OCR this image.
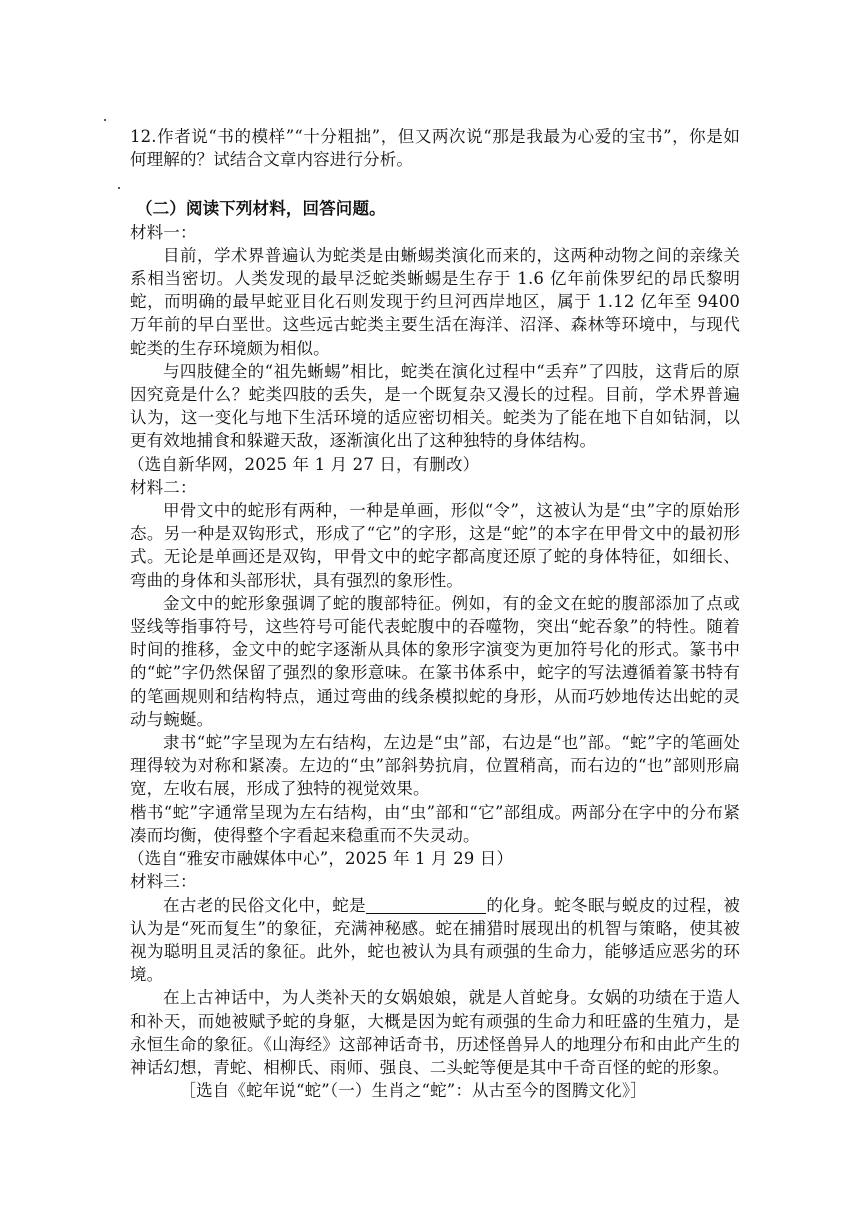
12.作者说“书的模样”“十分粗拙”，但又两次说“那是我最为心爱的宝书”，你是如何理解的？试结合文章内容进行分析。

（二）阅读下列材料，回答问题。

材料一：

目前，学术界普遍认为蛇类是由蜥蜴类演化而来的，这两种动物之间的亲缘关系相当密切。人类发现的最早泛蛇类蜥蜴是生存于 1.6 亿年前侏罗纪的昂氏黎明蛇，而明确的最早蛇亚目化石则发现于约旦河西岸地区，属于 1.12 亿年至 9400 万年前的早白垩世。这些远古蛇类主要生活在海洋、沼泽、森林等环境中，与现代蛇类的生存环境颇为相似。

与四肢健全的“祖先蜥蜴”相比，蛇类在演化过程中“丢弃”了四肢，这背后的原因究竟是什么？蛇类四肢的丢失，是一个既复杂又漫长的过程。目前，学术界普遍认为，这一变化与地下生活环境的适应密切相关。蛇类为了能在地下自如钻洞，以更有效地捕食和躲避天敌，逐渐演化出了这种独特的身体结构。

（选自新华网，2025 年 1 月 27 日，有删改）

材料二：

甲骨文中的蛇形有两种，一种是单画，形似“令”，这被认为是“虫”字的原始形态。另一种是双钩形式，形成了“它”的字形，这是“蛇”的本字在甲骨文中的最初形式。无论是单画还是双钩，甲骨文中的蛇字都高度还原了蛇的身体特征，如细长、弯曲的身体和头部形状，具有强烈的象形性。

金文中的蛇形象强调了蛇的腹部特征。例如，有的金文在蛇的腹部添加了点或竖线等指事符号，这些符号可能代表蛇腹中的吞噬物，突出“蛇吞象”的特性。随着时间的推移，金文中的蛇字逐渐从具体的象形字演变为更加符号化的形式。篆书中的“蛇”字仍然保留了强烈的象形意味。在篆书体系中，蛇字的写法遵循着篆书特有的笔画规则和结构特点，通过弯曲的线条模拟蛇的身形，从而巧妙地传达出蛇的灵动与蜿蜒。

隶书“蛇”字呈现为左右结构，左边是“虫”部，右边是“也”部。“蛇”字的笔画处理得较为对称和紧凑。左边的“虫”部斜势抗肩，位置稍高，而右边的“也”部则形扁宽，左收右展，形成了独特的视觉效果。

楷书“蛇”字通常呈现为左右结构，由“虫”部和“它”部组成。两部分在字中的分布紧凑而均衡，使得整个字看起来稳重而不失灵动。

（选自“雅安市融媒体中心”，2025 年 1 月 29 日）

材料三：

在古老的民俗文化中，蛇是	的化身。蛇冬眠与蜕皮的过程，被认为是“死而复生”的象征，充满神秘感。蛇在捕猎时展现出的机智与策略，使其被视为聪明且灵活的象征。此外，蛇也被认为具有顽强的生命力，能够适应恶劣的环境。

在上古神话中，为人类补天的女娲娘娘，就是人首蛇身。女娲的功绩在于造人和补天，而她被赋予蛇的身躯，大概是因为蛇有顽强的生命力和旺盛的生殖力，是永恒生命的象征。《山海经》这部神话奇书，历述怪兽异人的地理分布和由此产生的神话幻想，青蛇、相柳氏、雨师、强良、二头蛇等便是其中千奇百怪的蛇的形象。

［选自《蛇年说“蛇”（一）生肖之“蛇”：从古至今的图腾文化》］
